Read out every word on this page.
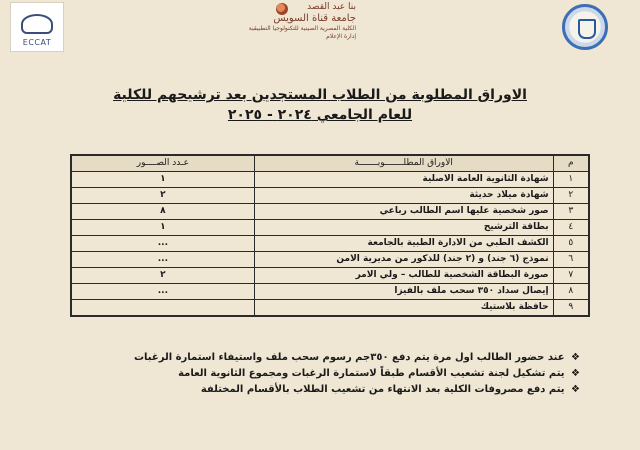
ECCAT
بنا عبد القصد
جامعة قناة السويس
الكلية المصرية الصينية للتكنولوجيا التطبيقية
إدارة الإعلام
الاوراق المطلوبة من الطلاب المستجدين بعد ترشيحهم للكلية
للعام الجامعي ٢٠٢٤ - ٢٠٢٥
م	الاوراق المطلـــــــوبـــــــة	عـدد الصــــور
١	شهادة الثانوية العامة الاصلية	١
٢	شهادة ميلاد حديثة	٢
٣	صور شخصية عليها اسم الطالب رباعي	٨
٤	بطاقة الترشيح	١
٥	الكشف الطبي من الادارة الطبية بالجامعة	...
٦	نموذج (٦ جند) و (٢ جند) للذكور من مديرية الامن	...
٧	صورة البطاقة الشخصية للطالب – ولي الامر	٢
٨	إيصال سداد ٣٥٠ سحب ملف بالفيزا	...
٩	حافظة بلاستيك	
❖ عند حضور الطالب اول مرة يتم دفع ٣٥٠جم رسوم سحب ملف واستيفاء استمارة الرغبات
❖ يتم تشكيل لجنة تشعيب الأقسام طبقاً لاستمارة الرغبات ومجموع الثانوية العامة
❖ يتم دفع مصروفات الكلية بعد الانتهاء من تشعيب الطلاب بالأقسام المختلفة
